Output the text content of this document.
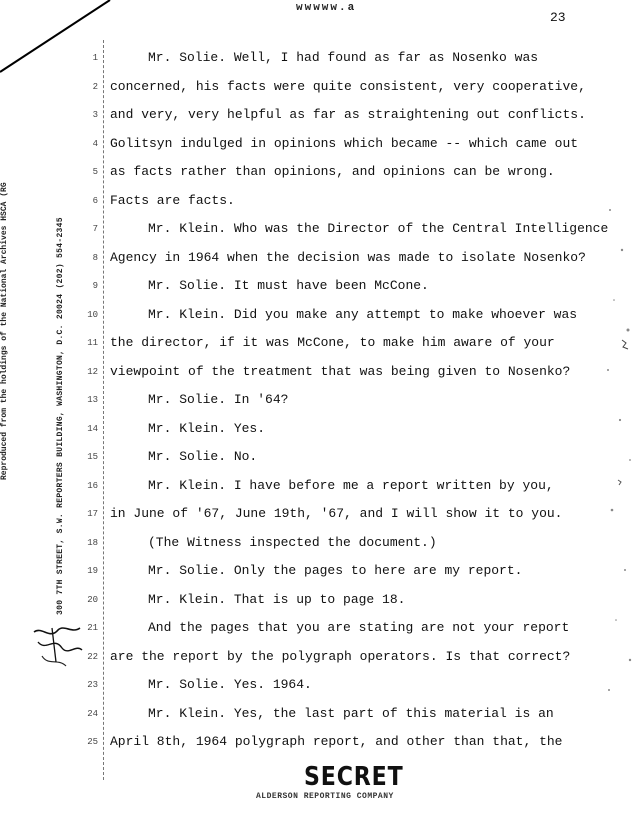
wwwww.a
23
Reproduced from the holdings of the National Archives HSCA (RG	300 7TH STREET, S.W. REPORTERS BUILDING, WASHINGTON, D.C. 20024 (202) 554-2345
1	Mr. Solie. Well, I had found as far as Nosenko was
2 concerned, his facts were quite consistent, very cooperative,
3 and very, very helpful as far as straightening out conflicts.
4 Golitsyn indulged in opinions which became -- which came out
5 as facts rather than opinions, and opinions can be wrong.
6 Facts are facts.
7	Mr. Klein. Who was the Director of the Central Intelligence
8 Agency in 1964 when the decision was made to isolate Nosenko?
9	Mr. Solie. It must have been McCone.
10	Mr. Klein. Did you make any attempt to make whoever was
11 the director, if it was McCone, to make him aware of your
12 viewpoint of the treatment that was being given to Nosenko?
13	Mr. Solie. In '64?
14	Mr. Klein. Yes.
15	Mr. Solie. No.
16	Mr. Klein. I have before me a report written by you,
17 in June of '67, June 19th, '67, and I will show it to you.
18	(The Witness inspected the document.)
19	Mr. Solie. Only the pages to here are my report.
20	Mr. Klein. That is up to page 18.
21	And the pages that you are stating are not your report
22 are the report by the polygraph operators. Is that correct?
23	Mr. Solie. Yes. 1964.
24	Mr. Klein. Yes, the last part of this material is an
25 April 8th, 1964 polygraph report, and other than that, the
SECRET
ALDERSON REPORTING COMPANY
